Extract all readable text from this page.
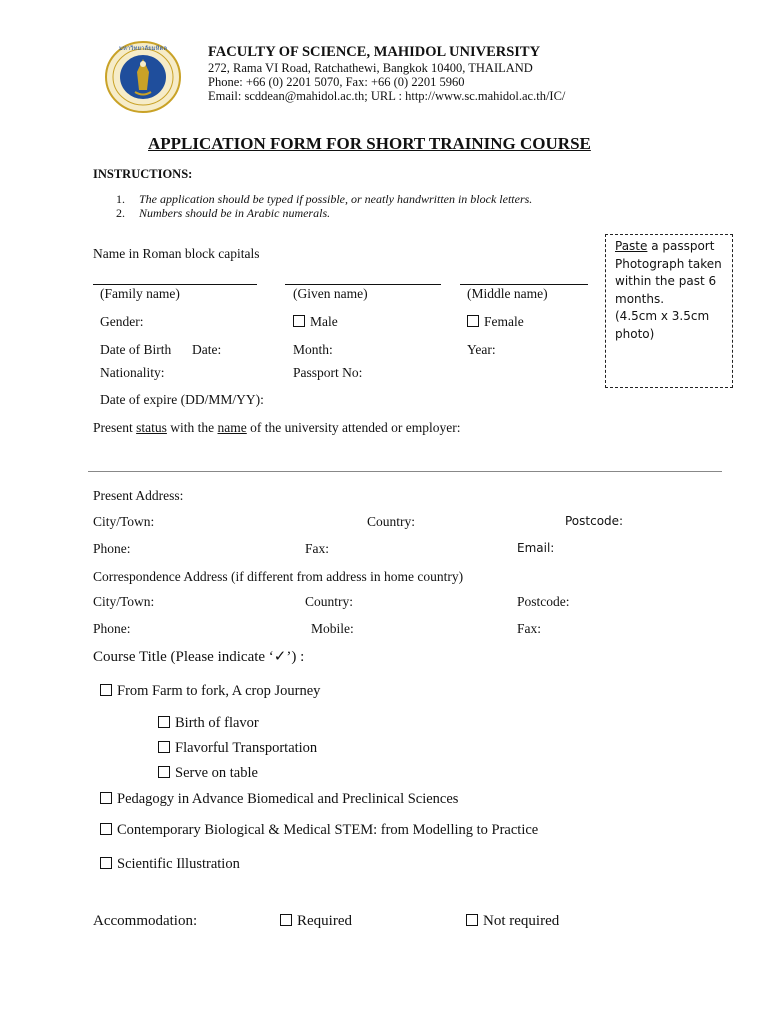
มหาวิทยาลัยมหิดล	FACULTY OF SCIENCE, MAHIDOL UNIVERSITY
272, Rama VI Road, Ratchathewi, Bangkok 10400, THAILAND
Phone: +66 (0) 2201 5070, Fax: +66 (0) 2201 5960
Email: scddean@mahidol.ac.th; URL : http://www.sc.mahidol.ac.th/IC/
APPLICATION FORM FOR SHORT TRAINING COURSE
INSTRUCTIONS:
1. The application should be typed if possible, or neatly handwritten in block letters.
2. Numbers should be in Arabic numerals.
Paste a passport
Photograph taken
within the past 6
months.
(4.5cm x 3.5cm
photo)
Name in Roman block capitals
(Family name)	(Given name)	(Middle name)
Gender:	Male	Female
Date of Birth Date:	Month:	Year:
Nationality:	Passport No:
Date of expire (DD/MM/YY):
Present status with the name of the university attended or employer:
Present Address:
City/Town:	Country:	Postcode:
Phone:	Fax:	Email:
Correspondence Address (if different from address in home country)
City/Town:	Country:	Postcode:
Phone:	Mobile:	Fax:
Course Title (Please indicate ‘✓’) :
From Farm to fork, A crop Journey
Birth of flavor
Flavorful Transportation
Serve on table
Pedagogy in Advance Biomedical and Preclinical Sciences
Contemporary Biological & Medical STEM: from Modelling to Practice
Scientific Illustration
Accommodation:	Required	Not required
